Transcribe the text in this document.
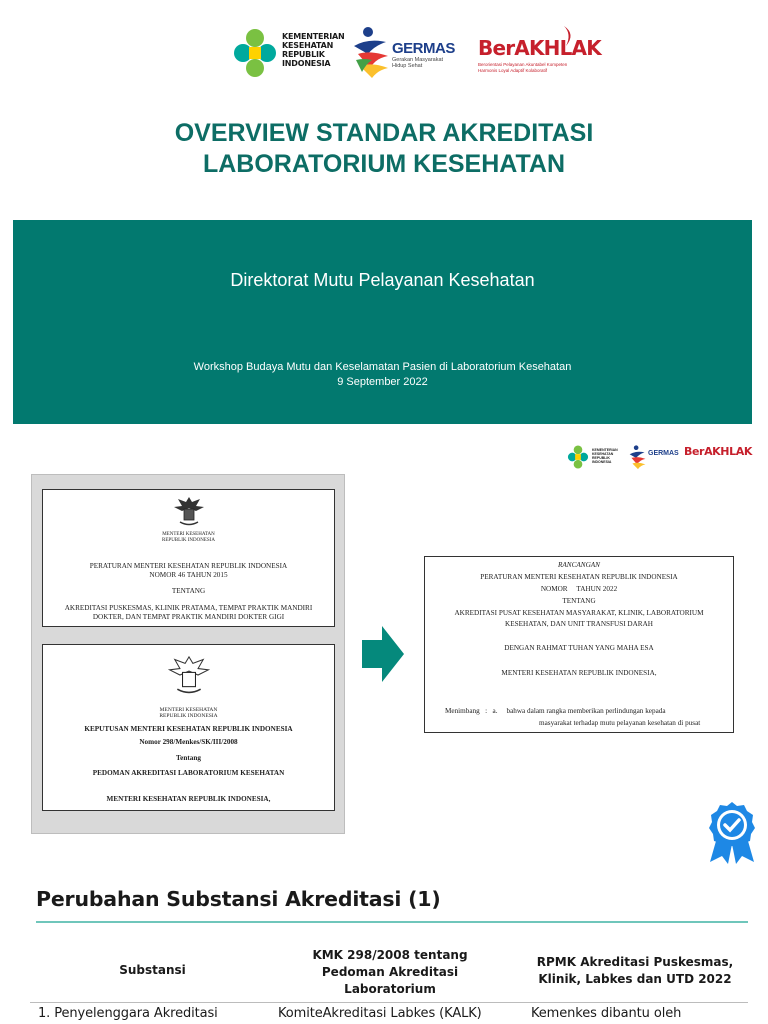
KEMENTERIAN
KESEHATAN
REPUBLIK
INDONESIA
GERMAS
Gerakan Masyarakat
Hidup Sehat
BerAKHLAK
Berorientasi Pelayanan Akuntabel Kompeten
Harmonis Loyal Adaptif Kolaboratif
OVERVIEW STANDAR AKREDITASI
LABORATORIUM KESEHATAN
Direktorat Mutu Pelayanan Kesehatan
Workshop Budaya Mutu dan Keselamatan Pasien di Laboratorium Kesehatan
9 September 2022
KEMENTERIAN
KESEHATAN
REPUBLIK
INDONESIA
GERMAS BerAKHLAK
MENTERI KESEHATAN
REPUBLIK INDONESIA
PERATURAN MENTERI KESEHATAN REPUBLIK INDONESIA
NOMOR 46 TAHUN 2015
TENTANG
AKREDITASI PUSKESMAS, KLINIK PRATAMA, TEMPAT PRAKTIK MANDIRI
DOKTER, DAN TEMPAT PRAKTIK MANDIRI DOKTER GIGI
MENTERI KESEHATAN
REPUBLIK INDONESIA
KEPUTUSAN MENTERI KESEHATAN REPUBLIK INDONESIA
Nomor 298/Menkes/SK/III/2008
Tentang
PEDOMAN AKREDITASI LABORATORIUM KESEHATAN
MENTERI KESEHATAN REPUBLIK INDONESIA,
RANCANGAN
PERATURAN MENTERI KESEHATAN REPUBLIK INDONESIA
NOMOR     TAHUN 2022
TENTANG
AKREDITASI PUSAT KESEHATAN MASYARAKAT, KLINIK, LABORATORIUM
KESEHATAN, DAN UNIT TRANSFUSI DARAH
DENGAN RAHMAT TUHAN YANG MAHA ESA
MENTERI KESEHATAN REPUBLIK INDONESIA,
Menimbang   :   a.     bahwa dalam rangka memberikan perlindungan kepada
masyarakat terhadap mutu pelayanan kesehatan di pusat
Perubahan Substansi Akreditasi (1)
Substansi
KMK 298/2008 tentang
Pedoman Akreditasi
Laboratorium
RPMK Akreditasi Puskesmas,
Klinik, Labkes dan UTD 2022
1. Penyelenggara Akreditasi	KomiteAkreditasi Labkes (KALK)	Kemenkes dibantu oleh
